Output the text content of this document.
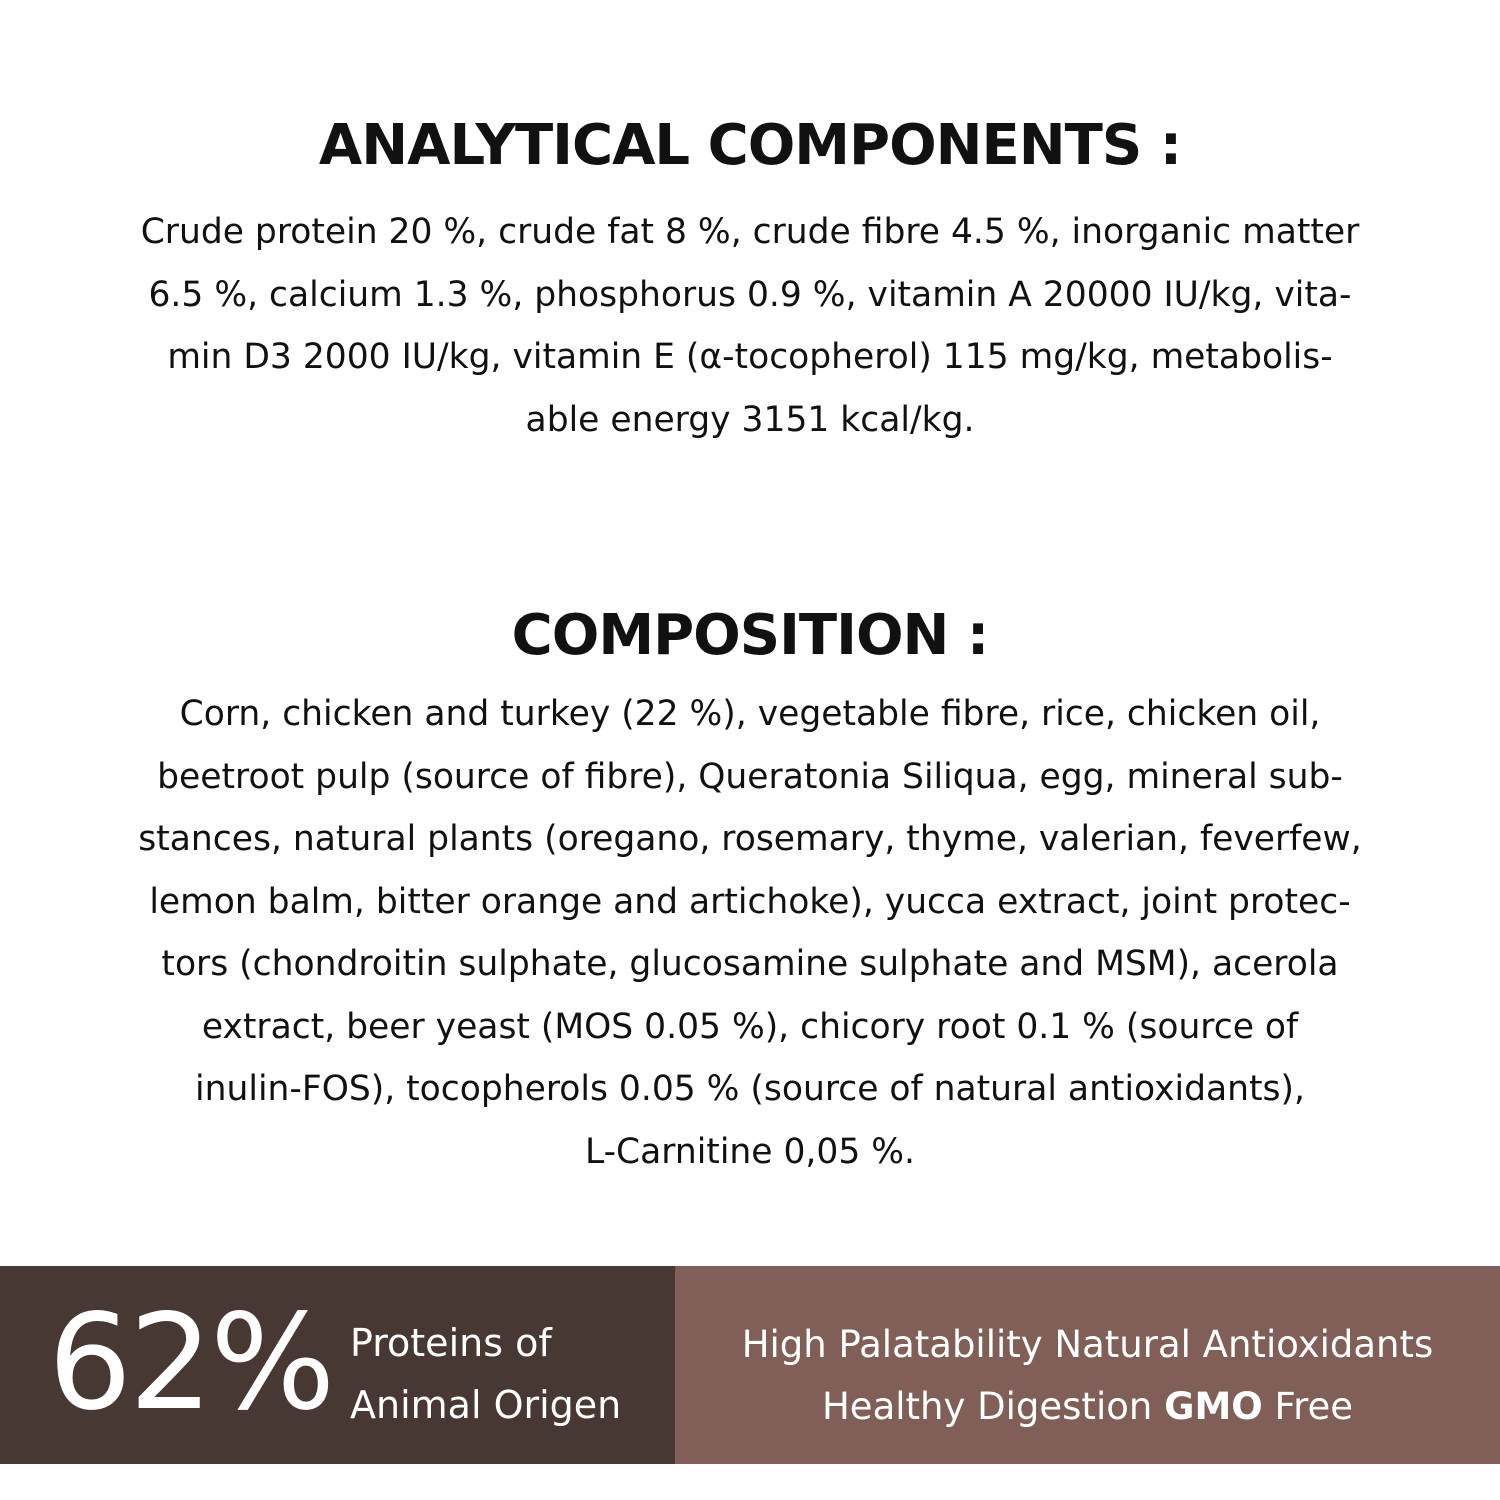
ANALYTICAL COMPONENTS :

Crude protein 20 %, crude fat 8 %, crude fibre 4.5 %, inorganic matter
6.5 %, calcium 1.3 %, phosphorus 0.9 %, vitamin A 20000 IU/kg, vita-
min D3 2000 IU/kg, vitamin E (α-tocopherol) 115 mg/kg, metabolis-
able energy 3151 kcal/kg.

COMPOSITION :

Corn, chicken and turkey (22 %), vegetable fibre, rice, chicken oil,
beetroot pulp (source of fibre), Queratonia Siliqua, egg, mineral sub-
stances, natural plants (oregano, rosemary, thyme, valerian, feverfew,
lemon balm, bitter orange and artichoke), yucca extract, joint protec-
tors (chondroitin sulphate, glucosamine sulphate and MSM), acerola
extract, beer yeast (MOS 0.05 %), chicory root 0.1 % (source of
inulin-FOS), tocopherols 0.05 % (source of natural antioxidants),
L-Carnitine 0,05 %.

62% Proteins of
Animal Origen
High Palatability Natural Antioxidants
Healthy Digestion GMO Free
